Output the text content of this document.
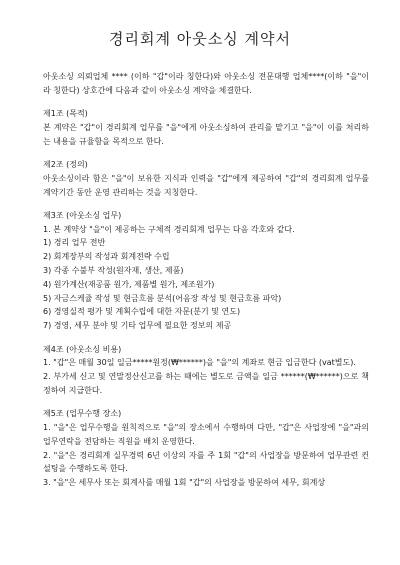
경리회계 아웃소싱 계약서

아웃소싱 의뢰업체 **** (이하 "갑"이라 칭한다)와 아웃소싱 전문대행 업체****(이하 "을"이라 칭한다) 상호간에 다음과 같이 아웃소싱 계약을 체결한다.

제1조 (목적)

본 계약은 "갑"이 경리회계 업무를 "을"에게 아웃소싱하여 관리를 맡기고 "을"이 이를 처리하는 내용을 규율함을 목적으로 한다.

제2조 (정의)

아웃소싱이라 함은 "을"이 보유한 지식과 인력을 "갑"에게 제공하여 "갑"의 경리회계 업무를 계약기간 동안 운영 관리하는 것을 지칭한다.

제3조 (아웃소싱 업무)

1. 본 계약상 "을"이 제공하는 구체적 경리회계 업무는 다음 각호와 같다.

1) 경리 업무 전반

2) 회계장부의 작성과 회계전략 수립

3) 각종 수불부 작성(원자재, 생산, 제품)

4) 원가계산(재공품 원가, 제품별 원가, 제조원가)

5) 자금스케쥴 작성 및 현금흐름 분석(어음장 작성 및 현금흐름 파악)

6) 경영실적 평가 및 계획수립에 대한 자문(분기 및 연도)

7) 경영, 세무 분야 및 기타 업무에 필요한 정보의 제공

제4조 (아웃소싱 비용)

1. "갑"은 매월 30일 일금*****원정(₩******)을 "을"의 계좌로 현금 입금한다 (vat별도).

2. 부가세 신고 및 연말정산신고를 하는 때에는 별도로 금액을 일금 ******(₩******)으로 책정하여 지급한다.

제5조 (업무수행 장소)

1. "을"은 업무수행을 원칙적으로 "을"의 장소에서 수행하며 다만, "갑"은 사업장에 "을"과의 업무연락을 전담하는 직원을 배치 운영한다.

2. "을"은 경리회계 실무경력 6년 이상의 자를 주 1회 "갑"의 사업장을 방문하여 업무관련 컨설팅을 수행하도록 한다.

3. "을"은 세무사 또는 회계사를 매월 1회 "갑"의 사업장을 방문하여 세무, 회계상
